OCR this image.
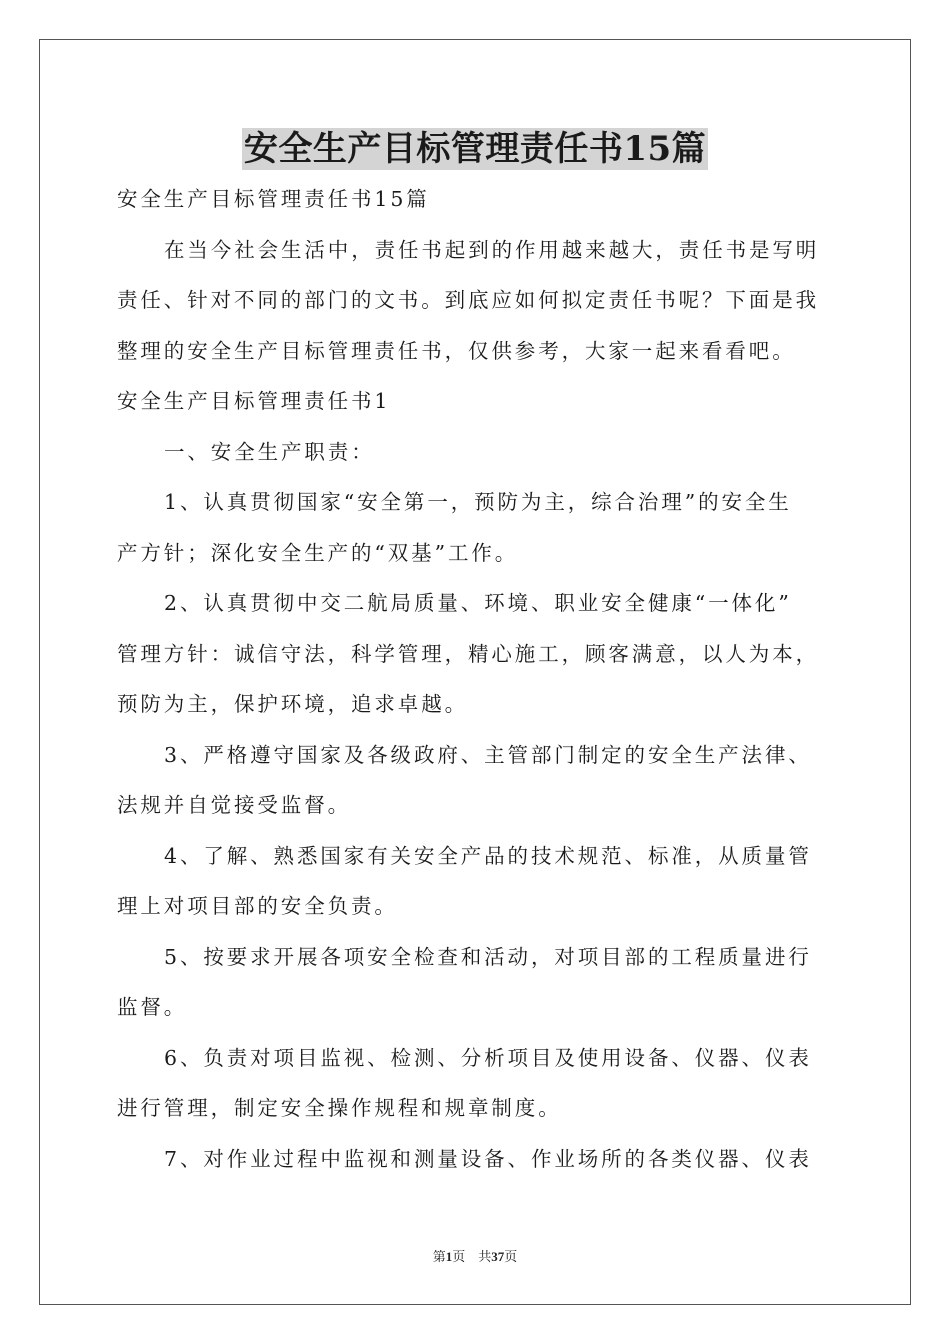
安全生产目标管理责任书15篇
安全生产目标管理责任书15篇
在当今社会生活中，责任书起到的作用越来越大，责任书是写明
责任、针对不同的部门的文书。到底应如何拟定责任书呢？下面是我
整理的安全生产目标管理责任书，仅供参考，大家一起来看看吧。
安全生产目标管理责任书1
一、安全生产职责：
1、认真贯彻国家“安全第一，预防为主，综合治理”的安全生
产方针；深化安全生产的“双基”工作。
2、认真贯彻中交二航局质量、环境、职业安全健康“一体化”
管理方针：诚信守法，科学管理，精心施工，顾客满意，以人为本，
预防为主，保护环境，追求卓越。
3、严格遵守国家及各级政府、主管部门制定的安全生产法律、
法规并自觉接受监督。
4、了解、熟悉国家有关安全产品的技术规范、标准，从质量管
理上对项目部的安全负责。
5、按要求开展各项安全检查和活动，对项目部的工程质量进行
监督。
6、负责对项目监视、检测、分析项目及使用设备、仪器、仪表
进行管理，制定安全操作规程和规章制度。
7、对作业过程中监视和测量设备、作业场所的各类仪器、仪表
第1页 共37页
